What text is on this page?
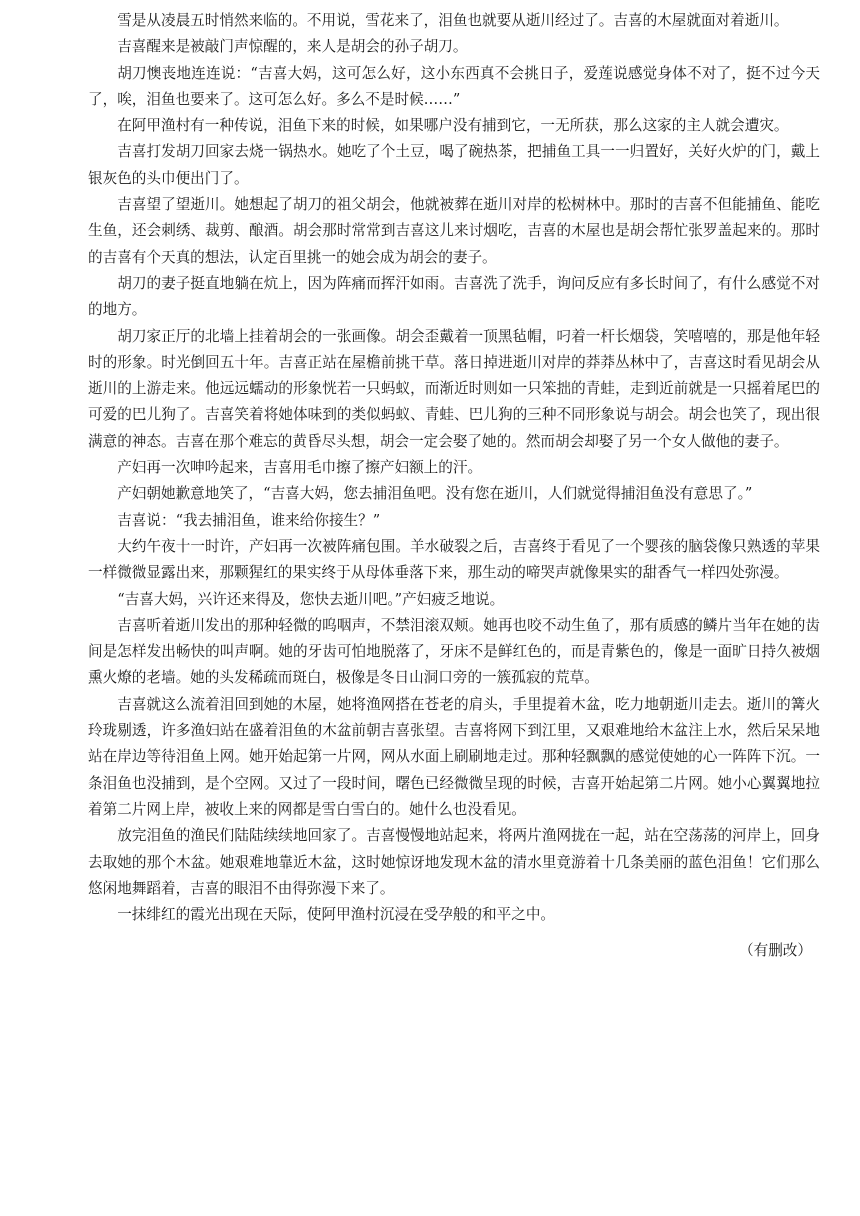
雪是从凌晨五时悄然来临的。不用说，雪花来了，泪鱼也就要从逝川经过了。吉喜的木屋就面对着逝川。

吉喜醒来是被敲门声惊醒的，来人是胡会的孙子胡刀。

胡刀懊丧地连连说：“吉喜大妈，这可怎么好，这小东西真不会挑日子，爱莲说感觉身体不对了，挺不过今天了，唉，泪鱼也要来了。这可怎么好。多么不是时候……”

在阿甲渔村有一种传说，泪鱼下来的时候，如果哪户没有捕到它，一无所获，那么这家的主人就会遭灾。

吉喜打发胡刀回家去烧一锅热水。她吃了个土豆，喝了碗热茶，把捕鱼工具一一归置好，关好火炉的门，戴上银灰色的头巾便出门了。

吉喜望了望逝川。她想起了胡刀的祖父胡会，他就被葬在逝川对岸的松树林中。那时的吉喜不但能捕鱼、能吃生鱼，还会刺绣、裁剪、酿酒。胡会那时常常到吉喜这儿来讨烟吃，吉喜的木屋也是胡会帮忙张罗盖起来的。那时的吉喜有个天真的想法，认定百里挑一的她会成为胡会的妻子。

胡刀的妻子挺直地躺在炕上，因为阵痛而挥汗如雨。吉喜洗了洗手，询问反应有多长时间了，有什么感觉不对的地方。

胡刀家正厅的北墙上挂着胡会的一张画像。胡会歪戴着一顶黑毡帽，叼着一杆长烟袋，笑嘻嘻的，那是他年轻时的形象。时光倒回五十年。吉喜正站在屋檐前挑干草。落日掉进逝川对岸的莽莽丛林中了，吉喜这时看见胡会从逝川的上游走来。他远远蠕动的形象恍若一只蚂蚁，而渐近时则如一只笨拙的青蛙，走到近前就是一只摇着尾巴的可爱的巴儿狗了。吉喜笑着将她体味到的类似蚂蚁、青蛙、巴儿狗的三种不同形象说与胡会。胡会也笑了，现出很满意的神态。吉喜在那个难忘的黄昏尽头想，胡会一定会娶了她的。然而胡会却娶了另一个女人做他的妻子。

产妇再一次呻吟起来，吉喜用毛巾擦了擦产妇额上的汗。

产妇朝她歉意地笑了，“吉喜大妈，您去捕泪鱼吧。没有您在逝川，人们就觉得捕泪鱼没有意思了。”

吉喜说：“我去捕泪鱼，谁来给你接生？”

大约午夜十一时许，产妇再一次被阵痛包围。羊水破裂之后，吉喜终于看见了一个婴孩的脑袋像只熟透的苹果一样微微显露出来，那颗猩红的果实终于从母体垂落下来，那生动的啼哭声就像果实的甜香气一样四处弥漫。

“吉喜大妈，兴许还来得及，您快去逝川吧。”产妇疲乏地说。

吉喜听着逝川发出的那种轻微的呜咽声，不禁泪滚双颊。她再也咬不动生鱼了，那有质感的鳞片当年在她的齿间是怎样发出畅快的叫声啊。她的牙齿可怕地脱落了，牙床不是鲜红色的，而是青紫色的，像是一面旷日持久被烟熏火燎的老墙。她的头发稀疏而斑白，极像是冬日山洞口旁的一簇孤寂的荒草。

吉喜就这么流着泪回到她的木屋，她将渔网搭在苍老的肩头，手里提着木盆，吃力地朝逝川走去。逝川的篝火玲珑剔透，许多渔妇站在盛着泪鱼的木盆前朝吉喜张望。吉喜将网下到江里，又艰难地给木盆注上水，然后呆呆地站在岸边等待泪鱼上网。她开始起第一片网，网从水面上刷刷地走过。那种轻飘飘的感觉使她的心一阵阵下沉。一条泪鱼也没捕到，是个空网。又过了一段时间，曙色已经微微呈现的时候，吉喜开始起第二片网。她小心翼翼地拉着第二片网上岸，被收上来的网都是雪白雪白的。她什么也没看见。

放完泪鱼的渔民们陆陆续续地回家了。吉喜慢慢地站起来，将两片渔网拢在一起，站在空荡荡的河岸上，回身去取她的那个木盆。她艰难地靠近木盆，这时她惊讶地发现木盆的清水里竟游着十几条美丽的蓝色泪鱼！它们那么悠闲地舞蹈着，吉喜的眼泪不由得弥漫下来了。

一抹绯红的霞光出现在天际，使阿甲渔村沉浸在受孕般的和平之中。

（有删改）
